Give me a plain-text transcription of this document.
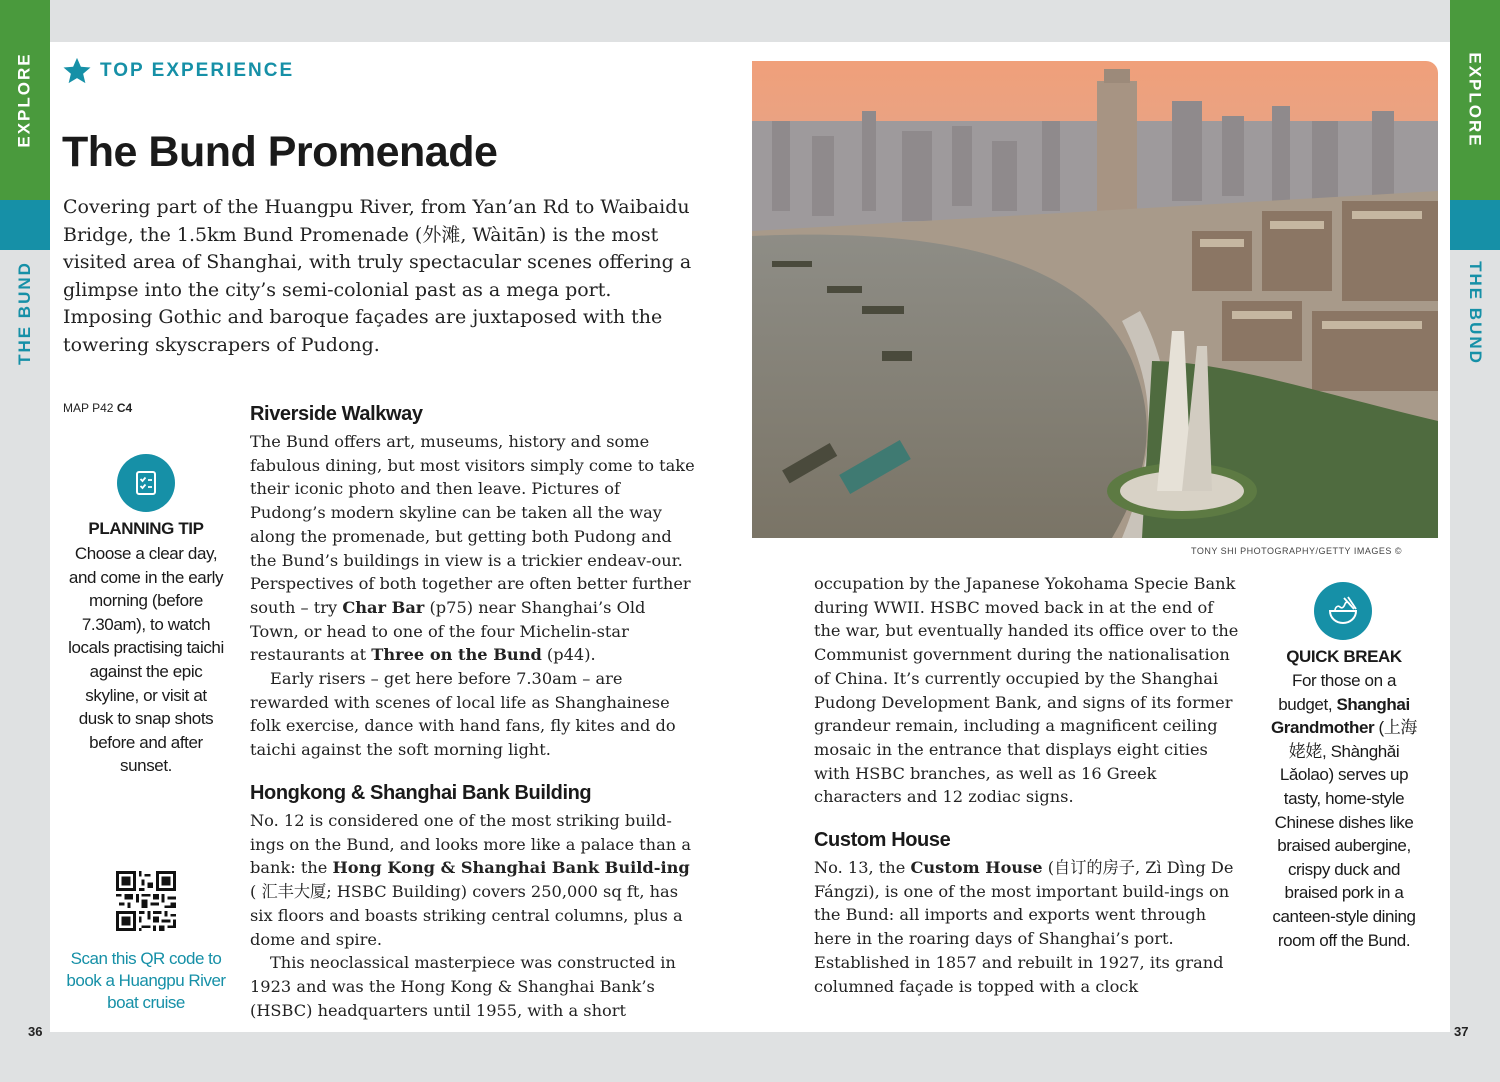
EXPLORE
THE BUND
EXPLORE
THE BUND
36	37
TOP EXPERIENCE
The Bund Promenade

Covering part of the Huangpu River, from Yan’an Rd to Waibaidu Bridge, the 1.5km Bund Promenade (外滩, Wàitān) is the most visited area of Shanghai, with truly spectacular scenes offering a glimpse into the city’s semi-colonial past as a mega port. Imposing Gothic and baroque façades are juxtaposed with the towering skyscrapers of Pudong.

MAP P42 C4
PLANNING TIP
Choose a clear day, and come in the early morning (before 7.30am), to watch locals practising taichi against the epic skyline, or visit at dusk to snap shots before and after sunset.
Scan this QR code to book a Huangpu River boat cruise
Riverside Walkway

The Bund offers art, museums, history and some fabulous dining, but most visitors simply come to take their iconic photo and then leave. Pictures of Pudong’s modern skyline can be taken all the way along the promenade, but getting both Pudong and the Bund’s buildings in view is a trickier endeav-our. Perspectives of both together are often better further south – try Char Bar (p75) near Shanghai’s Old Town, or head to one of the four Michelin-star restaurants at Three on the Bund (p44).

Early risers – get here before 7.30am – are rewarded with scenes of local life as Shanghainese folk exercise, dance with hand fans, fly kites and do taichi against the soft morning light.

Hongkong & Shanghai Bank Building

No. 12 is considered one of the most striking build-ings on the Bund, and looks more like a palace than a bank: the Hong Kong & Shanghai Bank Build-ing ( 汇丰大厦; HSBC Building) covers 250,000 sq ft, has six floors and boasts striking central columns, plus a dome and spire.

This neoclassical masterpiece was constructed in 1923 and was the Hong Kong & Shanghai Bank’s (HSBC) headquarters until 1955, with a short

TONY SHI PHOTOGRAPHY/GETTY IMAGES ©

occupation by the Japanese Yokohama Specie Bank during WWII. HSBC moved back in at the end of the war, but eventually handed its office over to the Communist government during the nationalisation of China. It’s currently occupied by the Shanghai Pudong Development Bank, and signs of its former grandeur remain, including a magnificent ceiling mosaic in the entrance that displays eight cities with HSBC branches, as well as 16 Greek characters and 12 zodiac signs.

Custom House

No. 13, the Custom House (自订的房子, Zì Dìng De Fángzi), is one of the most important build-ings on the Bund: all imports and exports went through here in the roaring days of Shanghai’s port. Established in 1857 and rebuilt in 1927, its grand columned façade is topped with a clock

QUICK BREAK
For those on a budget, Shanghai Grandmother (上海姥姥, Shànghǎi Lǎolao) serves up tasty, home-style Chinese dishes like braised aubergine, crispy duck and braised pork in a canteen-style dining room off the Bund.
